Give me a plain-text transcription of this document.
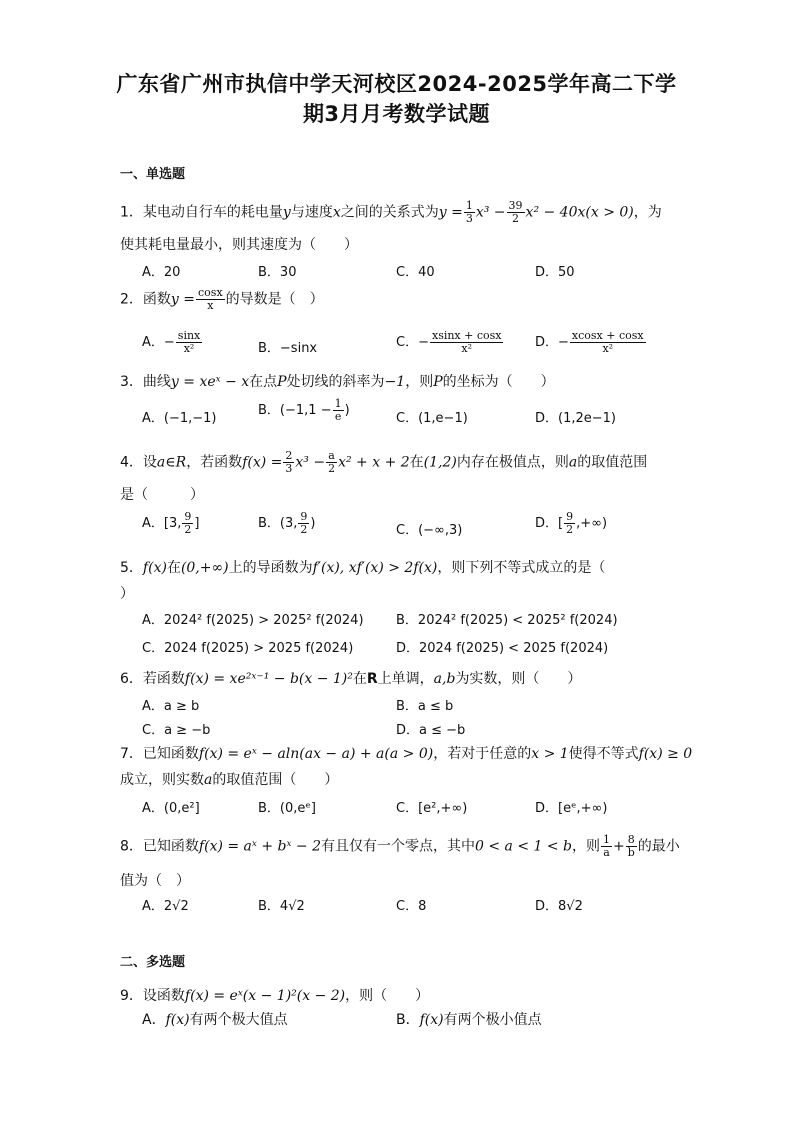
广东省广州市执信中学天河校区2024-2025学年高二下学
期3月月考数学试题
一、单选题
1．某电动自行车的耗电量y与速度x之间的关系式为$y = \frac{1}{3} x^3 - \frac{39}{2} x^2 - 40x(x > 0)$，为
使其耗电量最小，则其速度为（　　）
A．20	B．30	C．40	D．50
2．函数$y = \frac{\cos x}{x}$ 的导数是（　）
A．− $\frac{\sin x}{\text{x²}}$	B．−sinx	C．− $\frac{xsinx + \cos x}{\text{x²}}$ D．− $\frac{xcosx + \cos x}{\text{x²}}$
3．曲线y = xeˣ − x在点P处切线的斜率为−1，则P的坐标为（　　）
A．(−1,−1)
B．($-1,1 - \frac{1}{e}$ )
C．(1,e−1)	D．(1,2e−1)
4．设a∈R，若函数$f(x) = \frac{2}{3} x^3 - \frac{a}{2} x^2 + x + 2$在(1,2)内存在极值点，则a的取值范围
是（　　　）
A．[3, $\frac{9}{2}$ ]	B．(3, $\frac{9}{2}$ )	C．(−∞,3)	D．[ $\frac{9}{2}$ ,+∞)
5．f(x)在(0,+∞)上的导函数为f′(x), xf′(x) > 2f(x)，则下列不等式成立的是（
）
A．2024² f(2025) > 2025² f(2024) B．2024² f(2025) < 2025² f(2024)
C．2024 f(2025) > 2025 f(2024)	D．2024 f(2025) < 2025 f(2024)
6．若函数f(x) = xe²ˣ⁻¹ − b(x − 1)²在R上单调，a,b为实数，则（　　）
A．a ≥ b	B．a ≤ b
C．a ≥ −b	D．a ≤ −b
7．已知函数f(x) = eˣ − aln(ax − a) + a(a > 0)，若对于任意的x > 1使得不等式f(x) ≥ 0
成立，则实数a的取值范围（　　）
A．(0,e²]	B．(0,eᵉ]	C．[e²,+∞)	D．[eᵉ,+∞)
8．已知函数f(x) = aˣ + bˣ − 2有且仅有一个零点，其中0 < a < 1 < b，则 $\frac{1}{a} + \frac{8}{b}$ 的最小
值为（　）
A．2√2	B．4√2	C．8	D．8√2
二、多选题
9．设函数f(x) = eˣ(x − 1)²(x − 2)，则（　　）
A．f(x)有两个极大值点	B．f(x)有两个极小值点
